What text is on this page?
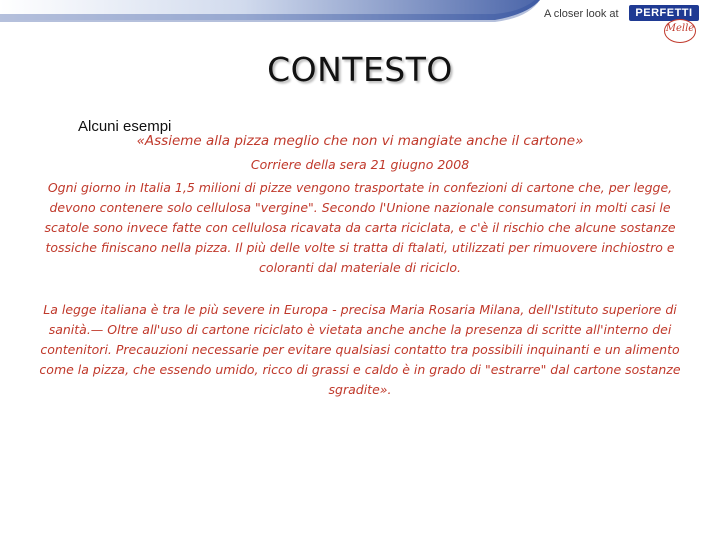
A closer look at	PERFETTI
Melle
CONTESTO
Alcuni esempi
«Assieme alla pizza meglio che non vi mangiate anche il cartone»
Corriere della sera 21 giugno 2008
Ogni giorno in Italia 1,5 milioni di pizze vengono trasportate in confezioni di cartone che, per legge, devono contenere solo cellulosa "vergine". Secondo l'Unione nazionale consumatori in molti casi le scatole sono invece fatte con cellulosa ricavata da carta riciclata, e c'è il rischio che alcune sostanze tossiche finiscano nella pizza. Il più delle volte si tratta di ftalati, utilizzati per rimuovere inchiostro e coloranti dal materiale di riciclo.
La legge italiana è tra le più severe in Europa - precisa Maria Rosaria Milana, dell'Istituto superiore di sanità.— Oltre all'uso di cartone riciclato è vietata anche anche la presenza di scritte all'interno dei contenitori. Precauzioni necessarie per evitare qualsiasi contatto tra possibili inquinanti e un alimento come la pizza, che essendo umido, ricco di grassi e caldo è in grado di "estrarre" dal cartone sostanze sgradite».
